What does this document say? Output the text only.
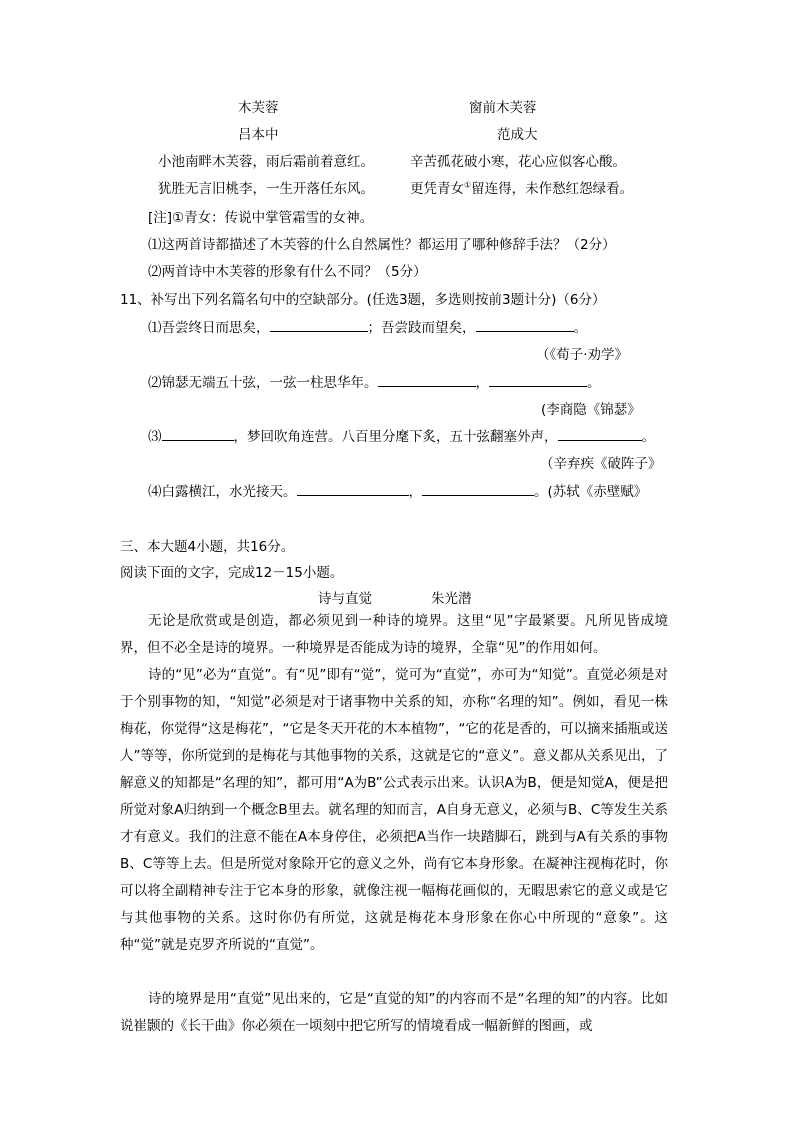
木芙蓉	窗前木芙蓉
吕本中	范成大
小池南畔木芙蓉，雨后霜前着意红。	辛苦孤花破小寒，花心应似客心酸。
犹胜无言旧桃李，一生开落任东风。	更凭青女①留连得，未作愁红怨绿看。
[注]①青女：传说中掌管霜雪的女神。
⑴这两首诗都描述了木芙蓉的什么自然属性？都运用了哪种修辞手法？（2分）
⑵两首诗中木芙蓉的形象有什么不同？（5分）
11、补写出下列名篇名句中的空缺部分。(任选3题，多选则按前3题计分)（6分）
⑴吾尝终日而思矣，	；吾尝跂而望矣，	。
（《荀子·劝学》
⑵锦瑟无端五十弦，一弦一柱思华年。	，	。
(李商隐《锦瑟》
⑶	，梦回吹角连营。八百里分麾下炙，五十弦翻塞外声，	。
（辛弃疾《破阵子》
⑷白露横江，水光接天。	，	。(苏轼《赤壁赋》
三、本大题4小题，共16分。
阅读下面的文字，完成12－15小题。
诗与直觉	朱光潜
无论是欣赏或是创造，都必须见到一种诗的境界。这里“见”字最紧要。凡所见皆成境界，但不必全是诗的境界。一种境界是否能成为诗的境界，全靠“见”的作用如何。
诗的“见”必为“直觉”。有“见”即有“觉”，觉可为“直觉”，亦可为“知觉”。直觉必须是对于个别事物的知，“知觉”必须是对于诸事物中关系的知，亦称“名理的知”。例如，看见一株梅花，你觉得“这是梅花”，“它是冬天开花的木本植物”，“它的花是香的，可以摘来插瓶或送人”等等，你所觉到的是梅花与其他事物的关系，这就是它的“意义”。意义都从关系见出，了解意义的知都是“名理的知”，都可用“A为B”公式表示出来。认识A为B，便是知觉A，便是把所觉对象A归纳到一个概念B里去。就名理的知而言，A自身无意义，必须与B、C等发生关系才有意义。我们的注意不能在A本身停住，必须把A当作一块踏脚石，跳到与A有关系的事物B、C等等上去。但是所觉对象除开它的意义之外，尚有它本身形象。在凝神注视梅花时，你可以将全副精神专注于它本身的形象，就像注视一幅梅花画似的，无暇思索它的意义或是它与其他事物的关系。这时你仍有所觉，这就是梅花本身形象在你心中所现的“意象”。这种“觉”就是克罗齐所说的“直觉”。
诗的境界是用“直觉”见出来的，它是“直觉的知”的内容而不是“名理的知”的内容。比如说崔颢的《长干曲》你必须在一顷刻中把它所写的情境看成一幅新鲜的图画，或
